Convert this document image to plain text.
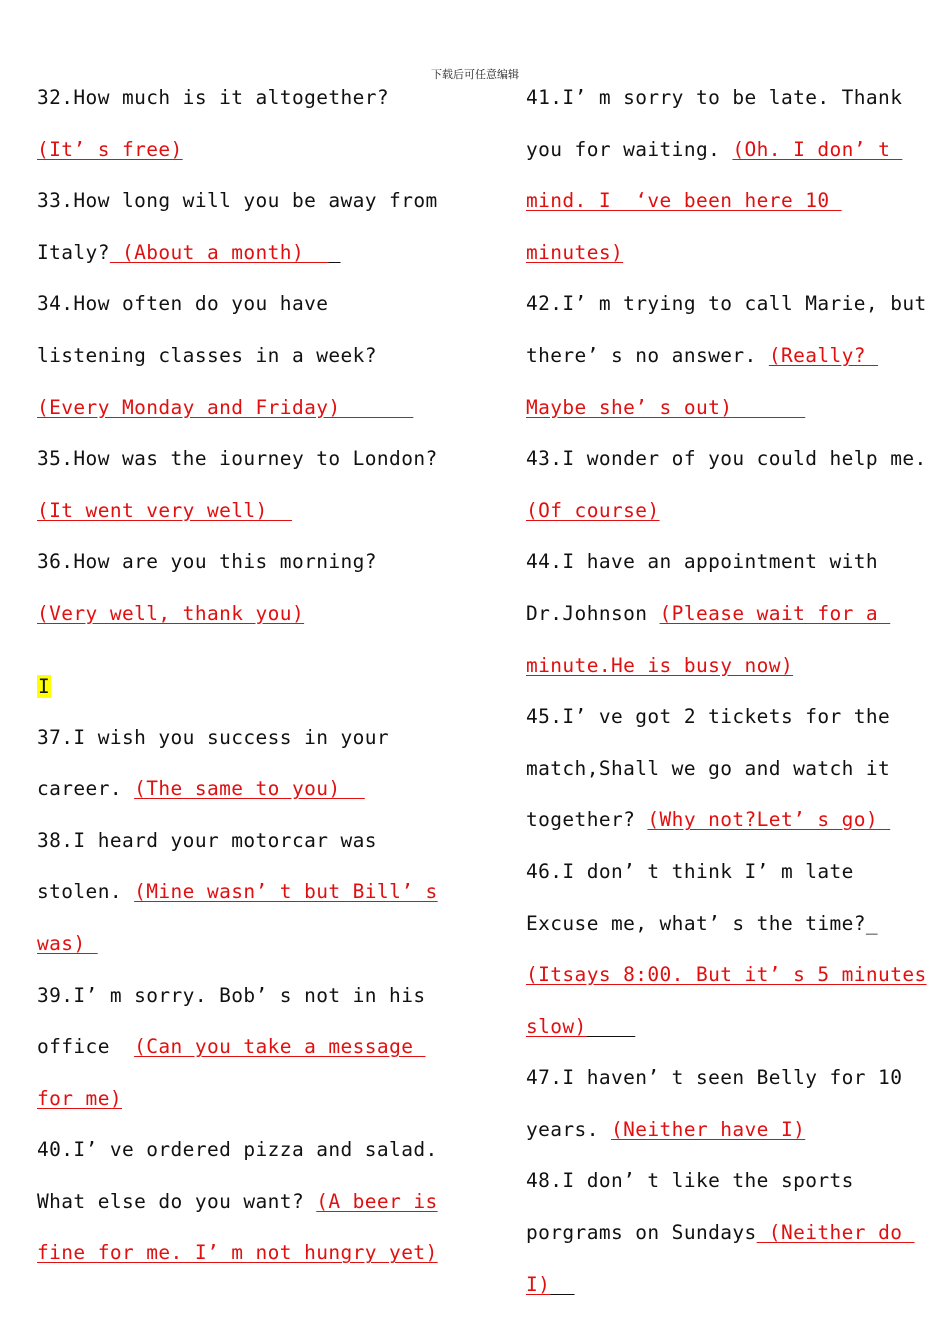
下载后可任意编辑
32.How much is it altogether?
(It’ s free)
33.How long will you be away from
Italy? (About a month)
34.How often do you have
listening classes in a week?
(Every Monday and Friday)
35.How was the iourney to London?
(It went very well)
36.How are you this morning?
(Very well, thank you)
I
37.I wish you success in your
career. (The same to you)
38.I heard your motorcar was
stolen. (Mine wasn’ t but Bill’ s
was)
39.I’ m sorry. Bob’ s not in his
office  (Can you take a message
for me)
40.I’ ve ordered pizza and salad.
What else do you want? (A beer is
fine for me. I’ m not hungry yet)
41.I’ m sorry to be late. Thank
you for waiting. (Oh. I don’ t
mind. I  ‘ve been here 10
minutes)
42.I’ m trying to call Marie, but
there’ s no answer. (Really?
Maybe she’ s out)
43.I wonder of you could help me.
(Of course)
44.I have an appointment with
Dr.Johnson (Please wait for a
minute.He is busy now)
45.I’ ve got 2 tickets for the
match,Shall we go and watch it
together? (Why not?Let’ s go)
46.I don’ t think I’ m late
Excuse me, what’ s the time?_
(Itsays 8:00. But it’ s 5 minutes
slow)
47.I haven’ t seen Belly for 10
years. (Neither have I)
48.I don’ t like the sports
porgrams on Sundays (Neither do
I)
